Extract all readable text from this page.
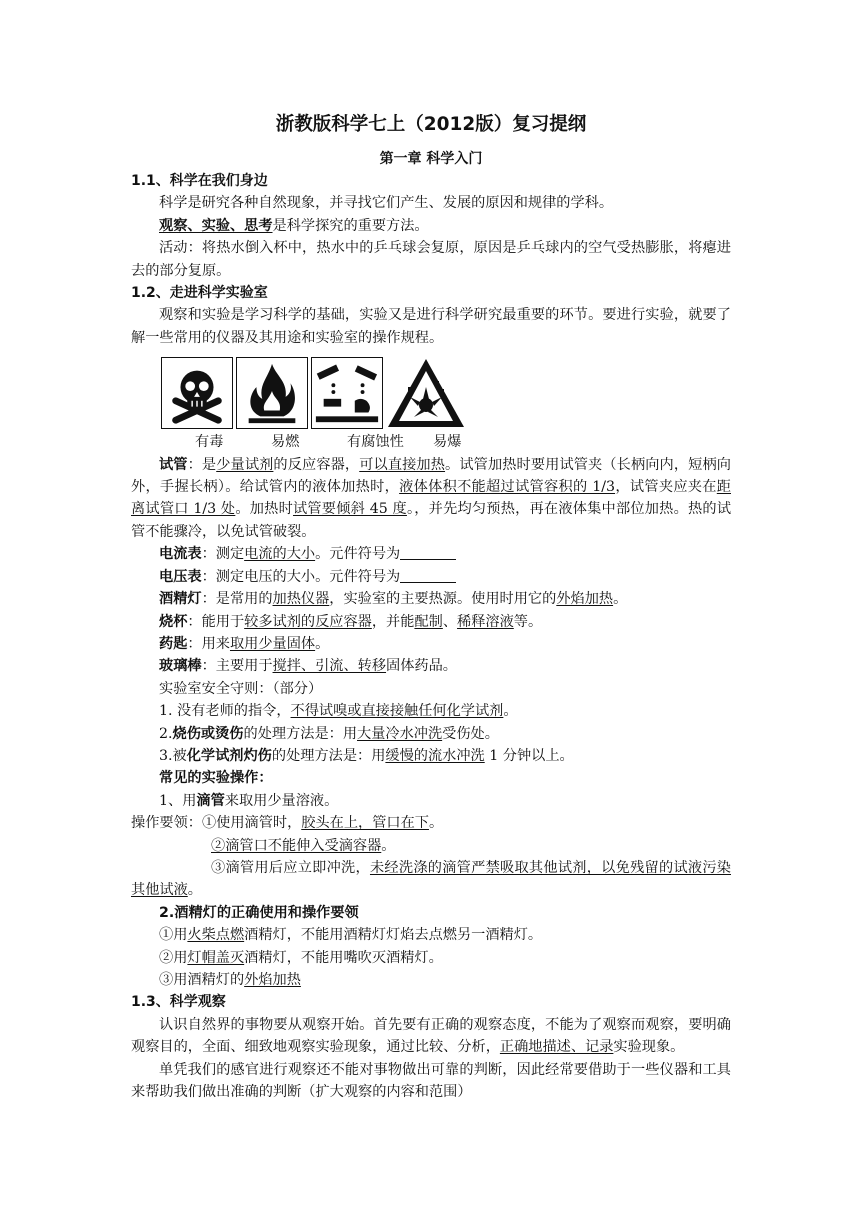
浙教版科学七上（2012版）复习提纲
第一章 科学入门
1.1、科学在我们身边
科学是研究各种自然现象，并寻找它们产生、发展的原因和规律的学科。
观察、实验、思考是科学探究的重要方法。
活动：将热水倒入杯中，热水中的乒乓球会复原，原因是乒乓球内的空气受热膨胀，将瘪进去的部分复原。
1.2、走进科学实验室
观察和实验是学习科学的基础，实验又是进行科学研究最重要的环节。要进行实验，就要了解一些常用的仪器及其用途和实验室的操作规程。
有毒	易燃	有腐蚀性 易爆
试管：是少量试剂的反应容器，可以直接加热。试管加热时要用试管夹（长柄向内，短柄向外，手握长柄）。给试管内的液体加热时，液体体积不能超过试管容积的 1/3，试管夹应夹在距离试管口 1/3 处。加热时试管要倾斜 45 度。，并先均匀预热，再在液体集中部位加热。热的试管不能骤冷，以免试管破裂。
电流表：测定电流的大小。元件符号为
电压表：测定电压的大小。元件符号为
酒精灯：是常用的加热仪器，实验室的主要热源。使用时用它的外焰加热。
烧杯：能用于较多试剂的反应容器，并能配制、稀释溶液等。
药匙：用来取用少量固体。
玻璃棒：主要用于搅拌、引流、转移固体药品。
实验室安全守则：（部分）
1. 没有老师的指令，不得试嗅或直接接触任何化学试剂。
2.烧伤或烫伤的处理方法是：用大量冷水冲洗受伤处。
3.被化学试剂灼伤的处理方法是：用缓慢的流水冲洗 1 分钟以上。
常见的实验操作：
1、用滴管来取用少量溶液。
操作要领：①使用滴管时，胶头在上，管口在下。
②滴管口不能伸入受滴容器。
③滴管用后应立即冲洗，未经洗涤的滴管严禁吸取其他试剂，以免残留的试液污染其他试液。
2.酒精灯的正确使用和操作要领
①用火柴点燃酒精灯，不能用酒精灯灯焰去点燃另一酒精灯。
②用灯帽盖灭酒精灯，不能用嘴吹灭酒精灯。
③用酒精灯的外焰加热
1.3、科学观察
认识自然界的事物要从观察开始。首先要有正确的观察态度，不能为了观察而观察，要明确观察目的，全面、细致地观察实验现象，通过比较、分析，正确地描述、记录实验现象。
单凭我们的感官进行观察还不能对事物做出可靠的判断，因此经常要借助于一些仪器和工具来帮助我们做出准确的判断（扩大观察的内容和范围）
